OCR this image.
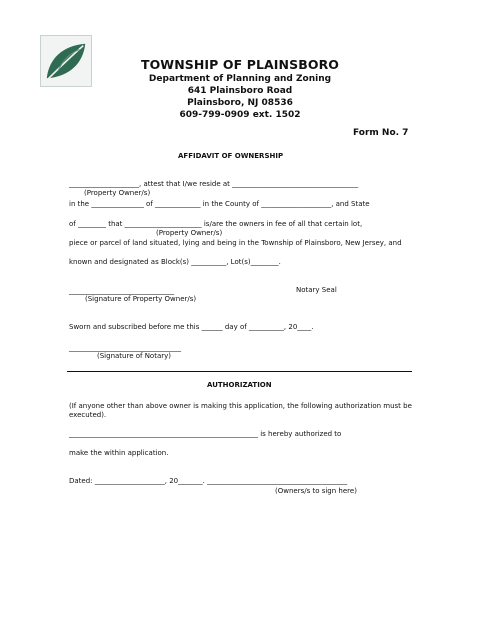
TOWNSHIP OF PLAINSBORO
Department of Planning and Zoning
641 Plainsboro Road
Plainsboro, NJ 08536
609-799-0909 ext. 1502
Form No. 7
AFFIDAVIT OF OWNERSHIP
____________________, attest that I/we reside at ____________________________________
(Property Owner/s)
in the _______________ of _____________ in the County of ____________________, and State
of ________ that ______________________ is/are the owners in fee of all that certain lot,
(Property Owner/s)
piece or parcel of land situated, lying and being in the Township of Plainsboro, New Jersey, and
known and designated as Block(s) __________, Lot(s)________.
______________________________	Notary Seal
(Signature of Property Owner/s)
Sworn and subscribed before me this ______ day of __________, 20____.
________________________________
(Signature of Notary)
AUTHORIZATION
(If anyone other than above owner is making this application, the following authorization must be
executed).
______________________________________________________ is hereby authorized to
make the within application.
Dated: ____________________, 20_______. ________________________________________
(Owners/s to sign here)
